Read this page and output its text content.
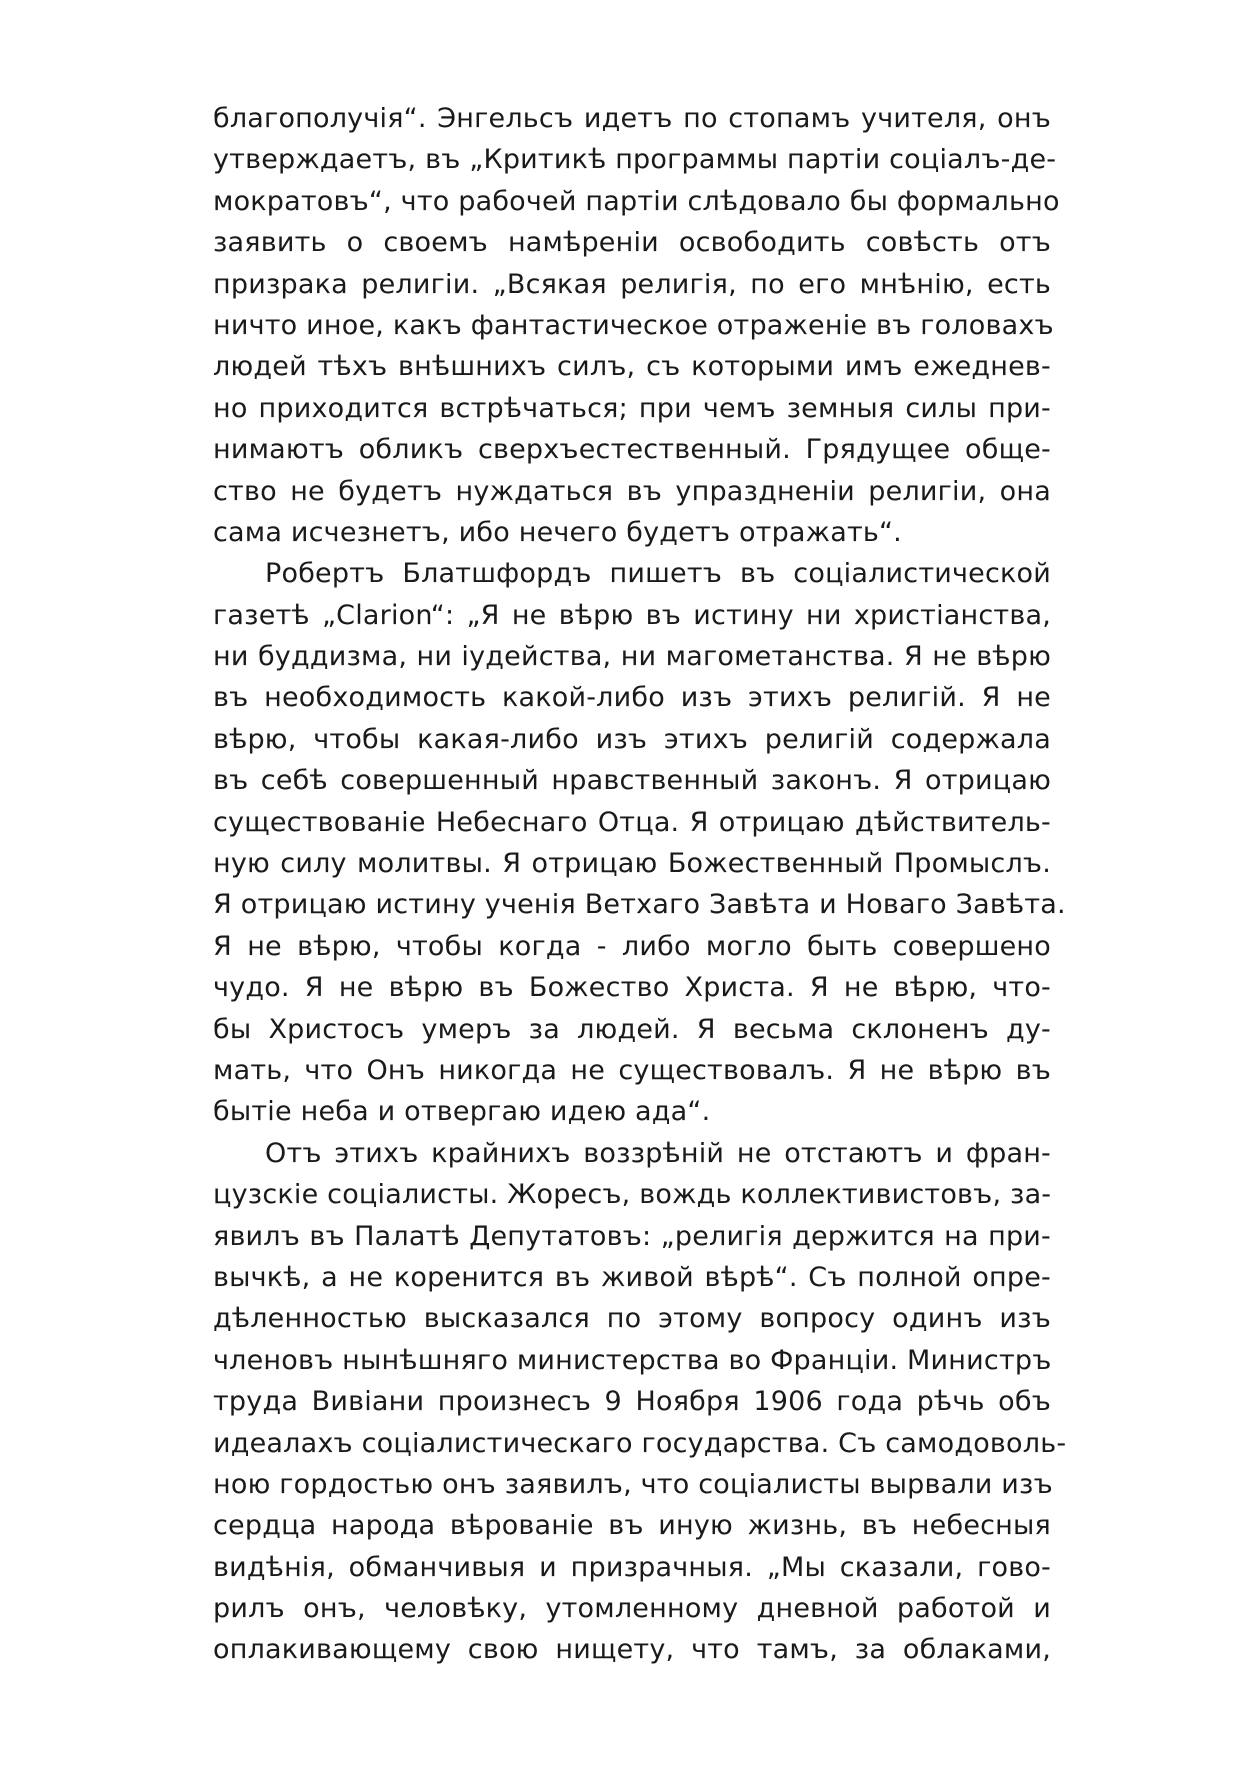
благополучія“. Энгельсъ идетъ по стопамъ учителя, онъ
утверждаетъ, въ „Критикѣ программы партіи соціалъ-де-
мократовъ“, что рабочей партіи слѣдовало бы формально
заявить о своемъ намѣреніи освободить совѣсть отъ
призрака религіи. „Всякая религія, по его мнѣнію, есть
ничто иное, какъ фантастическое отраженіе въ головахъ
людей тѣхъ внѣшнихъ силъ, съ которыми имъ ежеднев-
но приходится встрѣчаться; при чемъ земныя силы при-
нимаютъ обликъ сверхъестественный. Грядущее обще-
ство не будетъ нуждаться въ упраздненіи религіи, она
сама исчезнетъ, ибо нечего будетъ отражать“.
Робертъ Блатшфордъ пишетъ въ соціалистической
газетѣ „Clarion“: „Я не вѣрю въ истину ни христіанства,
ни буддизма, ни іудейства, ни магометанства. Я не вѣрю
въ необходимость какой-либо изъ этихъ религій. Я не
вѣрю, чтобы какая-либо изъ этихъ религій содержала
въ себѣ совершенный нравственный законъ. Я отрицаю
существованіе Небеснаго Отца. Я отрицаю дѣйствитель-
ную силу молитвы. Я отрицаю Божественный Промыслъ.
Я отрицаю истину ученія Ветхаго Завѣта и Новаго Завѣта.
Я не вѣрю, чтобы когда - либо могло быть совершено
чудо. Я не вѣрю въ Божество Христа. Я не вѣрю, что-
бы Христосъ умеръ за людей. Я весьма склоненъ ду-
мать, что Онъ никогда не существовалъ. Я не вѣрю въ
бытіе неба и отвергаю идею ада“.
Отъ этихъ крайнихъ воззрѣній не отстаютъ и фран-
цузскіе соціалисты. Жоресъ, вождь коллективистовъ, за-
явилъ въ Палатѣ Депутатовъ: „религія держится на при-
вычкѣ, а не коренится въ живой вѣрѣ“. Съ полной опре-
дѣленностью высказался по этому вопросу одинъ изъ
членовъ нынѣшняго министерства во Франціи. Министръ
труда Вивіани произнесъ 9 Ноября 1906 года рѣчь объ
идеалахъ соціалистическаго государства. Съ самодоволь-
ною гордостью онъ заявилъ, что соціалисты вырвали изъ
сердца народа вѣрованіе въ иную жизнь, въ небесныя
видѣнія, обманчивыя и призрачныя. „Мы сказали, гово-
рилъ онъ, человѣку, утомленному дневной работой и
оплакивающему свою нищету, что тамъ, за облаками,
